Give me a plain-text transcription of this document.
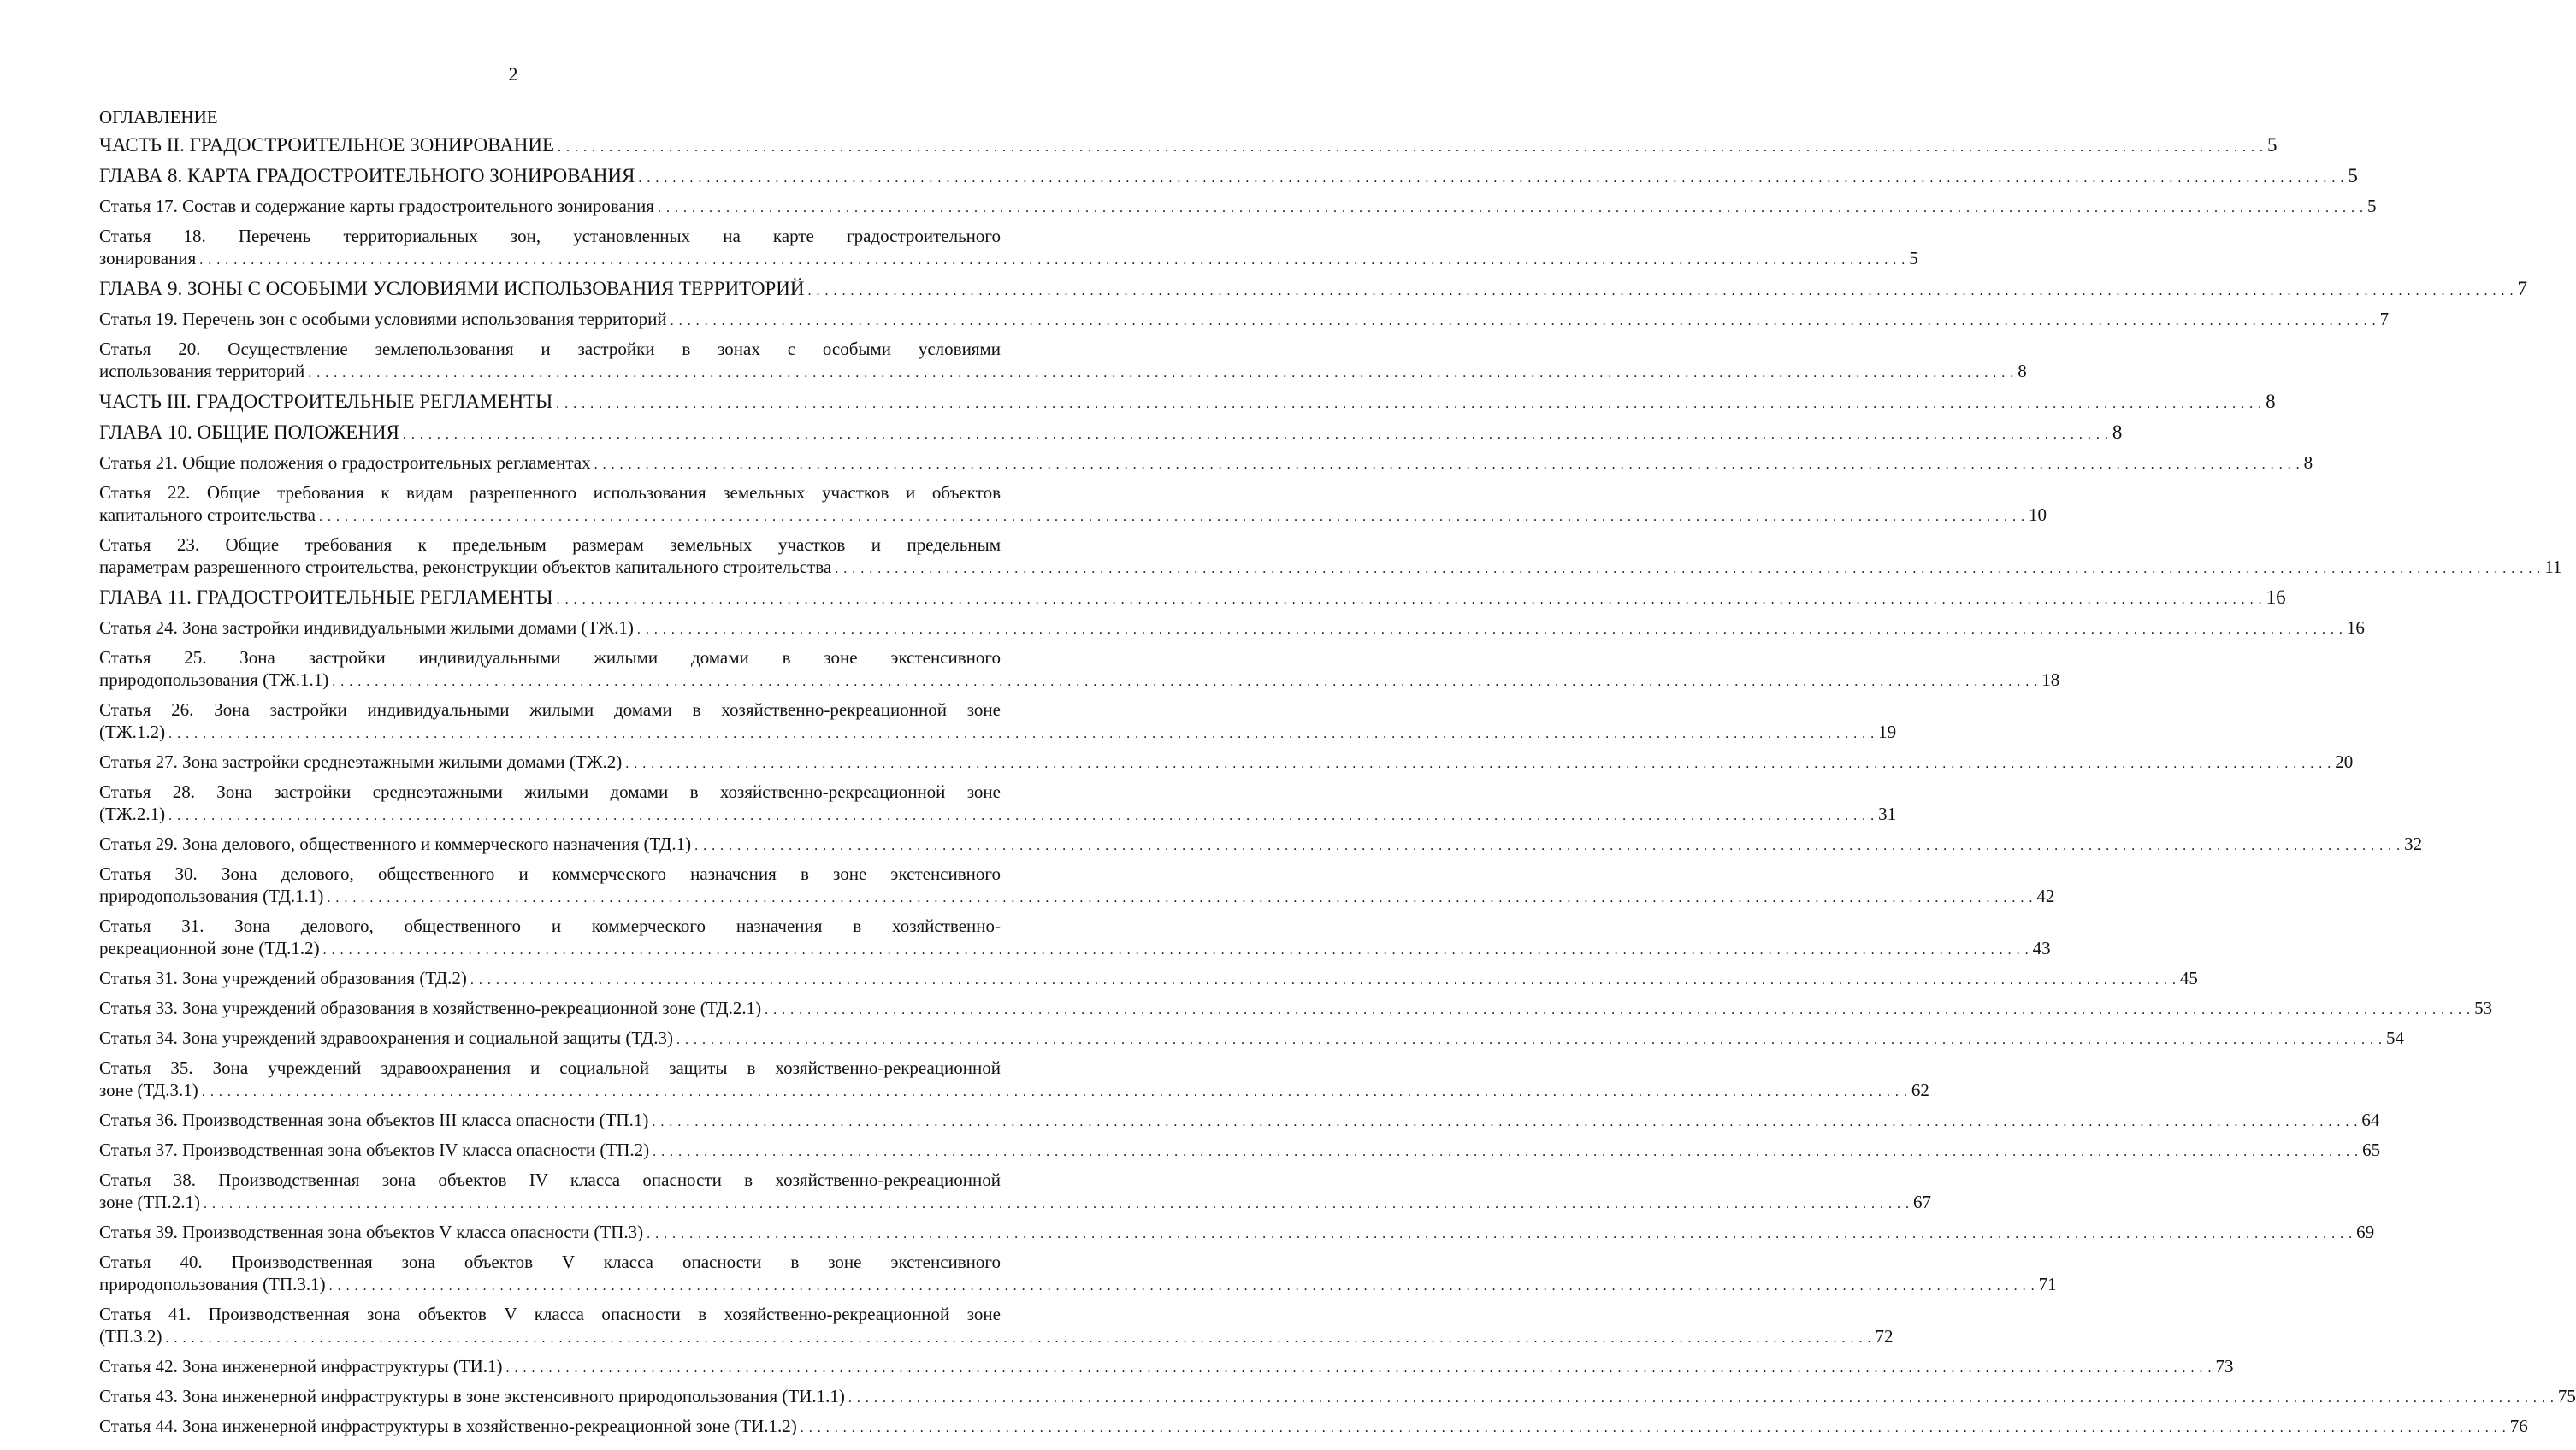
2
ОГЛАВЛЕНИЕ
ЧАСТЬ II. ГРАДОСТРОИТЕЛЬНОЕ ЗОНИРОВАНИЕ . . . . . . . . . . . . . . . . . . . . . . . . . . . . . . . . . . . . . . . . . . . . . . . . . . . . . . . . . . . . . . . . . . . . . . . . . . . . . . . . . . . . . . . . . . . . . . . . . . . . . . . . . . . . . . . . . . . . . . . . . . . . . . . . . . . . . . . . . . . . . . . . . . . . . . . . . . . . . . . . . . . . . . . . . . . . . . . . . . . . . . . . . . . . . . . . . . . . . . . . 5
ГЛАВА 8. КАРТА ГРАДОСТРОИТЕЛЬНОГО ЗОНИРОВАНИЯ . . . . . . . . . . . . . . . . . . . . . . . . . . . . . . . . . . . . . . . . . . . . . . . . . . . . . . . . . . . . . . . . . . . . . . . . . . . . . . . . . . . . . . . . . . . . . . . . . . . . . . . . . . . . . . . . . . . . . . . . . . . . . . . . . . . . . . . . . . . . . . . . . . . . . . . . . . . . . . . . . . . . . . . . . . . . . . . . . . . . . . . . . . . . . . . . . . . . . . . . 5
Статья 17. Состав и содержание карты градостроительного зонирования . . . . . . . . . . . . . . . . . . . . . . . . . . . . . . . . . . . . . . . . . . . . . . . . . . . . . . . . . . . . . . . . . . . . . . . . . . . . . . . . . . . . . . . . . . . . . . . . . . . . . . . . . . . . . . . . . . . . . . . . . . . . . . . . . . . . . . . . . . . . . . . . . . . . . . . . . . . . . . . . . . . . . . . . . . . . . . . . . . . . . . . . . . . . . . . . . . . . . . . . 5
Статья 18. Перечень территориальных зон, установленных на карте градостроительного
зонирования . . . . . . . . . . . . . . . . . . . . . . . . . . . . . . . . . . . . . . . . . . . . . . . . . . . . . . . . . . . . . . . . . . . . . . . . . . . . . . . . . . . . . . . . . . . . . . . . . . . . . . . . . . . . . . . . . . . . . . . . . . . . . . . . . . . . . . . . . . . . . . . . . . . . . . . . . . . . . . . . . . . . . . . . . . . . . . . . . . . . . . . . . . . . . . . . . . . . . . . . 5
ГЛАВА 9. ЗОНЫ С ОСОБЫМИ УСЛОВИЯМИ ИСПОЛЬЗОВАНИЯ ТЕРРИТОРИЙ . . . . . . . . . . . . . . . . . . . . . . . . . . . . . . . . . . . . . . . . . . . . . . . . . . . . . . . . . . . . . . . . . . . . . . . . . . . . . . . . . . . . . . . . . . . . . . . . . . . . . . . . . . . . . . . . . . . . . . . . . . . . . . . . . . . . . . . . . . . . . . . . . . . . . . . . . . . . . . . . . . . . . . . . . . . . . . . . . . . . . . . . . . . . . . . . . . . . . . . . 7
Статья 19. Перечень зон с особыми условиями использования территорий . . . . . . . . . . . . . . . . . . . . . . . . . . . . . . . . . . . . . . . . . . . . . . . . . . . . . . . . . . . . . . . . . . . . . . . . . . . . . . . . . . . . . . . . . . . . . . . . . . . . . . . . . . . . . . . . . . . . . . . . . . . . . . . . . . . . . . . . . . . . . . . . . . . . . . . . . . . . . . . . . . . . . . . . . . . . . . . . . . . . . . . . . . . . . . . . . . . . . . . . 7
Статья 20. Осуществление землепользования и застройки в зонах с особыми условиями
использования территорий . . . . . . . . . . . . . . . . . . . . . . . . . . . . . . . . . . . . . . . . . . . . . . . . . . . . . . . . . . . . . . . . . . . . . . . . . . . . . . . . . . . . . . . . . . . . . . . . . . . . . . . . . . . . . . . . . . . . . . . . . . . . . . . . . . . . . . . . . . . . . . . . . . . . . . . . . . . . . . . . . . . . . . . . . . . . . . . . . . . . . . . . . . . . . . . . . . . . . . . . 8
ЧАСТЬ III. ГРАДОСТРОИТЕЛЬНЫЕ РЕГЛАМЕНТЫ . . . . . . . . . . . . . . . . . . . . . . . . . . . . . . . . . . . . . . . . . . . . . . . . . . . . . . . . . . . . . . . . . . . . . . . . . . . . . . . . . . . . . . . . . . . . . . . . . . . . . . . . . . . . . . . . . . . . . . . . . . . . . . . . . . . . . . . . . . . . . . . . . . . . . . . . . . . . . . . . . . . . . . . . . . . . . . . . . . . . . . . . . . . . . . . . . . . . . . . . 8
ГЛАВА 10. ОБЩИЕ ПОЛОЖЕНИЯ . . . . . . . . . . . . . . . . . . . . . . . . . . . . . . . . . . . . . . . . . . . . . . . . . . . . . . . . . . . . . . . . . . . . . . . . . . . . . . . . . . . . . . . . . . . . . . . . . . . . . . . . . . . . . . . . . . . . . . . . . . . . . . . . . . . . . . . . . . . . . . . . . . . . . . . . . . . . . . . . . . . . . . . . . . . . . . . . . . . . . . . . . . . . . . . . . . . . . . . . 8
Статья 21. Общие положения о градостроительных регламентах . . . . . . . . . . . . . . . . . . . . . . . . . . . . . . . . . . . . . . . . . . . . . . . . . . . . . . . . . . . . . . . . . . . . . . . . . . . . . . . . . . . . . . . . . . . . . . . . . . . . . . . . . . . . . . . . . . . . . . . . . . . . . . . . . . . . . . . . . . . . . . . . . . . . . . . . . . . . . . . . . . . . . . . . . . . . . . . . . . . . . . . . . . . . . . . . . . . . . . . . 8
Статья 22. Общие требования к видам разрешенного использования земельных участков и объектов
капитального строительства . . . . . . . . . . . . . . . . . . . . . . . . . . . . . . . . . . . . . . . . . . . . . . . . . . . . . . . . . . . . . . . . . . . . . . . . . . . . . . . . . . . . . . . . . . . . . . . . . . . . . . . . . . . . . . . . . . . . . . . . . . . . . . . . . . . . . . . . . . . . . . . . . . . . . . . . . . . . . . . . . . . . . . . . . . . . . . . . . . . . . . . . . . . . . . . . . . . . . . . . 10
Статья 23. Общие требования к предельным размерам земельных участков и предельным
параметрам разрешенного строительства, реконструкции объектов капитального строительства . . . . . . . . . . . . . . . . . . . . . . . . . . . . . . . . . . . . . . . . . . . . . . . . . . . . . . . . . . . . . . . . . . . . . . . . . . . . . . . . . . . . . . . . . . . . . . . . . . . . . . . . . . . . . . . . . . . . . . . . . . . . . . . . . . . . . . . . . . . . . . . . . . . . . . . . . . . . . . . . . . . . . . . . . . . . . . . . . . . . . . . . . . . . . . . . . . . . . . . . 11
ГЛАВА 11. ГРАДОСТРОИТЕЛЬНЫЕ РЕГЛАМЕНТЫ . . . . . . . . . . . . . . . . . . . . . . . . . . . . . . . . . . . . . . . . . . . . . . . . . . . . . . . . . . . . . . . . . . . . . . . . . . . . . . . . . . . . . . . . . . . . . . . . . . . . . . . . . . . . . . . . . . . . . . . . . . . . . . . . . . . . . . . . . . . . . . . . . . . . . . . . . . . . . . . . . . . . . . . . . . . . . . . . . . . . . . . . . . . . . . . . . . . . . . . . 16
Статья 24. Зона застройки индивидуальными жилыми домами (ТЖ.1) . . . . . . . . . . . . . . . . . . . . . . . . . . . . . . . . . . . . . . . . . . . . . . . . . . . . . . . . . . . . . . . . . . . . . . . . . . . . . . . . . . . . . . . . . . . . . . . . . . . . . . . . . . . . . . . . . . . . . . . . . . . . . . . . . . . . . . . . . . . . . . . . . . . . . . . . . . . . . . . . . . . . . . . . . . . . . . . . . . . . . . . . . . . . . . . . . . . . . . . . 16
Статья 25. Зона застройки индивидуальными жилыми домами в зоне экстенсивного
природопользования (ТЖ.1.1) . . . . . . . . . . . . . . . . . . . . . . . . . . . . . . . . . . . . . . . . . . . . . . . . . . . . . . . . . . . . . . . . . . . . . . . . . . . . . . . . . . . . . . . . . . . . . . . . . . . . . . . . . . . . . . . . . . . . . . . . . . . . . . . . . . . . . . . . . . . . . . . . . . . . . . . . . . . . . . . . . . . . . . . . . . . . . . . . . . . . . . . . . . . . . . . . . . . . . . . . 18
Статья 26. Зона застройки индивидуальными жилыми домами в хозяйственно-рекреационной зоне
(ТЖ.1.2) . . . . . . . . . . . . . . . . . . . . . . . . . . . . . . . . . . . . . . . . . . . . . . . . . . . . . . . . . . . . . . . . . . . . . . . . . . . . . . . . . . . . . . . . . . . . . . . . . . . . . . . . . . . . . . . . . . . . . . . . . . . . . . . . . . . . . . . . . . . . . . . . . . . . . . . . . . . . . . . . . . . . . . . . . . . . . . . . . . . . . . . . . . . . . . . . . . . . . . . . 19
Статья 27. Зона застройки среднеэтажными жилыми домами (ТЖ.2) . . . . . . . . . . . . . . . . . . . . . . . . . . . . . . . . . . . . . . . . . . . . . . . . . . . . . . . . . . . . . . . . . . . . . . . . . . . . . . . . . . . . . . . . . . . . . . . . . . . . . . . . . . . . . . . . . . . . . . . . . . . . . . . . . . . . . . . . . . . . . . . . . . . . . . . . . . . . . . . . . . . . . . . . . . . . . . . . . . . . . . . . . . . . . . . . . . . . . . . . 20
Статья 28. Зона застройки среднеэтажными жилыми домами в хозяйственно-рекреационной зоне
(ТЖ.2.1) . . . . . . . . . . . . . . . . . . . . . . . . . . . . . . . . . . . . . . . . . . . . . . . . . . . . . . . . . . . . . . . . . . . . . . . . . . . . . . . . . . . . . . . . . . . . . . . . . . . . . . . . . . . . . . . . . . . . . . . . . . . . . . . . . . . . . . . . . . . . . . . . . . . . . . . . . . . . . . . . . . . . . . . . . . . . . . . . . . . . . . . . . . . . . . . . . . . . . . . . 31
Статья 29. Зона делового, общественного и коммерческого назначения (ТД.1) . . . . . . . . . . . . . . . . . . . . . . . . . . . . . . . . . . . . . . . . . . . . . . . . . . . . . . . . . . . . . . . . . . . . . . . . . . . . . . . . . . . . . . . . . . . . . . . . . . . . . . . . . . . . . . . . . . . . . . . . . . . . . . . . . . . . . . . . . . . . . . . . . . . . . . . . . . . . . . . . . . . . . . . . . . . . . . . . . . . . . . . . . . . . . . . . . . . . . . . . 32
Статья 30. Зона делового, общественного и коммерческого назначения в зоне экстенсивного
природопользования (ТД.1.1) . . . . . . . . . . . . . . . . . . . . . . . . . . . . . . . . . . . . . . . . . . . . . . . . . . . . . . . . . . . . . . . . . . . . . . . . . . . . . . . . . . . . . . . . . . . . . . . . . . . . . . . . . . . . . . . . . . . . . . . . . . . . . . . . . . . . . . . . . . . . . . . . . . . . . . . . . . . . . . . . . . . . . . . . . . . . . . . . . . . . . . . . . . . . . . . . . . . . . . . . 42
Статья 31. Зона делового, общественного и коммерческого назначения в хозяйственно-
рекреационной зоне (ТД.1.2) . . . . . . . . . . . . . . . . . . . . . . . . . . . . . . . . . . . . . . . . . . . . . . . . . . . . . . . . . . . . . . . . . . . . . . . . . . . . . . . . . . . . . . . . . . . . . . . . . . . . . . . . . . . . . . . . . . . . . . . . . . . . . . . . . . . . . . . . . . . . . . . . . . . . . . . . . . . . . . . . . . . . . . . . . . . . . . . . . . . . . . . . . . . . . . . . . . . . . . . . 43
Статья 31. Зона учреждений образования (ТД.2) . . . . . . . . . . . . . . . . . . . . . . . . . . . . . . . . . . . . . . . . . . . . . . . . . . . . . . . . . . . . . . . . . . . . . . . . . . . . . . . . . . . . . . . . . . . . . . . . . . . . . . . . . . . . . . . . . . . . . . . . . . . . . . . . . . . . . . . . . . . . . . . . . . . . . . . . . . . . . . . . . . . . . . . . . . . . . . . . . . . . . . . . . . . . . . . . . . . . . . . . 45
Статья 33. Зона учреждений образования в хозяйственно-рекреационной зоне (ТД.2.1) . . . . . . . . . . . . . . . . . . . . . . . . . . . . . . . . . . . . . . . . . . . . . . . . . . . . . . . . . . . . . . . . . . . . . . . . . . . . . . . . . . . . . . . . . . . . . . . . . . . . . . . . . . . . . . . . . . . . . . . . . . . . . . . . . . . . . . . . . . . . . . . . . . . . . . . . . . . . . . . . . . . . . . . . . . . . . . . . . . . . . . . . . . . . . . . . . . . . . . . . 53
Статья 34. Зона учреждений здравоохранения и социальной защиты (ТД.3) . . . . . . . . . . . . . . . . . . . . . . . . . . . . . . . . . . . . . . . . . . . . . . . . . . . . . . . . . . . . . . . . . . . . . . . . . . . . . . . . . . . . . . . . . . . . . . . . . . . . . . . . . . . . . . . . . . . . . . . . . . . . . . . . . . . . . . . . . . . . . . . . . . . . . . . . . . . . . . . . . . . . . . . . . . . . . . . . . . . . . . . . . . . . . . . . . . . . . . . . 54
Статья 35. Зона учреждений здравоохранения и социальной защиты в хозяйственно-рекреационной
зоне (ТД.3.1) . . . . . . . . . . . . . . . . . . . . . . . . . . . . . . . . . . . . . . . . . . . . . . . . . . . . . . . . . . . . . . . . . . . . . . . . . . . . . . . . . . . . . . . . . . . . . . . . . . . . . . . . . . . . . . . . . . . . . . . . . . . . . . . . . . . . . . . . . . . . . . . . . . . . . . . . . . . . . . . . . . . . . . . . . . . . . . . . . . . . . . . . . . . . . . . . . . . . . . . . 62
Статья 36. Производственная зона объектов III класса опасности (ТП.1) . . . . . . . . . . . . . . . . . . . . . . . . . . . . . . . . . . . . . . . . . . . . . . . . . . . . . . . . . . . . . . . . . . . . . . . . . . . . . . . . . . . . . . . . . . . . . . . . . . . . . . . . . . . . . . . . . . . . . . . . . . . . . . . . . . . . . . . . . . . . . . . . . . . . . . . . . . . . . . . . . . . . . . . . . . . . . . . . . . . . . . . . . . . . . . . . . . . . . . . . 64
Статья 37. Производственная зона объектов IV класса опасности (ТП.2) . . . . . . . . . . . . . . . . . . . . . . . . . . . . . . . . . . . . . . . . . . . . . . . . . . . . . . . . . . . . . . . . . . . . . . . . . . . . . . . . . . . . . . . . . . . . . . . . . . . . . . . . . . . . . . . . . . . . . . . . . . . . . . . . . . . . . . . . . . . . . . . . . . . . . . . . . . . . . . . . . . . . . . . . . . . . . . . . . . . . . . . . . . . . . . . . . . . . . . . . 65
Статья 38. Производственная зона объектов IV класса опасности в хозяйственно-рекреационной
зоне (ТП.2.1) . . . . . . . . . . . . . . . . . . . . . . . . . . . . . . . . . . . . . . . . . . . . . . . . . . . . . . . . . . . . . . . . . . . . . . . . . . . . . . . . . . . . . . . . . . . . . . . . . . . . . . . . . . . . . . . . . . . . . . . . . . . . . . . . . . . . . . . . . . . . . . . . . . . . . . . . . . . . . . . . . . . . . . . . . . . . . . . . . . . . . . . . . . . . . . . . . . . . . . . . 67
Статья 39. Производственная зона объектов V класса опасности (ТП.3) . . . . . . . . . . . . . . . . . . . . . . . . . . . . . . . . . . . . . . . . . . . . . . . . . . . . . . . . . . . . . . . . . . . . . . . . . . . . . . . . . . . . . . . . . . . . . . . . . . . . . . . . . . . . . . . . . . . . . . . . . . . . . . . . . . . . . . . . . . . . . . . . . . . . . . . . . . . . . . . . . . . . . . . . . . . . . . . . . . . . . . . . . . . . . . . . . . . . . . . . 69
Статья 40. Производственная зона объектов V класса опасности в зоне экстенсивного
природопользования (ТП.3.1) . . . . . . . . . . . . . . . . . . . . . . . . . . . . . . . . . . . . . . . . . . . . . . . . . . . . . . . . . . . . . . . . . . . . . . . . . . . . . . . . . . . . . . . . . . . . . . . . . . . . . . . . . . . . . . . . . . . . . . . . . . . . . . . . . . . . . . . . . . . . . . . . . . . . . . . . . . . . . . . . . . . . . . . . . . . . . . . . . . . . . . . . . . . . . . . . . . . . . . . . 71
Статья 41. Производственная зона объектов V класса опасности в хозяйственно-рекреационной зоне
(ТП.3.2) . . . . . . . . . . . . . . . . . . . . . . . . . . . . . . . . . . . . . . . . . . . . . . . . . . . . . . . . . . . . . . . . . . . . . . . . . . . . . . . . . . . . . . . . . . . . . . . . . . . . . . . . . . . . . . . . . . . . . . . . . . . . . . . . . . . . . . . . . . . . . . . . . . . . . . . . . . . . . . . . . . . . . . . . . . . . . . . . . . . . . . . . . . . . . . . . . . . . . . . . 72
Статья 42. Зона инженерной инфраструктуры (ТИ.1) . . . . . . . . . . . . . . . . . . . . . . . . . . . . . . . . . . . . . . . . . . . . . . . . . . . . . . . . . . . . . . . . . . . . . . . . . . . . . . . . . . . . . . . . . . . . . . . . . . . . . . . . . . . . . . . . . . . . . . . . . . . . . . . . . . . . . . . . . . . . . . . . . . . . . . . . . . . . . . . . . . . . . . . . . . . . . . . . . . . . . . . . . . . . . . . . . . . . . . . . 73
Статья 43. Зона инженерной инфраструктуры в зоне экстенсивного природопользования (ТИ.1.1) . . . . . . . . . . . . . . . . . . . . . . . . . . . . . . . . . . . . . . . . . . . . . . . . . . . . . . . . . . . . . . . . . . . . . . . . . . . . . . . . . . . . . . . . . . . . . . . . . . . . . . . . . . . . . . . . . . . . . . . . . . . . . . . . . . . . . . . . . . . . . . . . . . . . . . . . . . . . . . . . . . . . . . . . . . . . . . . . . . . . . . . . . . . . . . . . . . . . . . . . 75
Статья 44. Зона инженерной инфраструктуры в хозяйственно-рекреационной зоне (ТИ.1.2) . . . . . . . . . . . . . . . . . . . . . . . . . . . . . . . . . . . . . . . . . . . . . . . . . . . . . . . . . . . . . . . . . . . . . . . . . . . . . . . . . . . . . . . . . . . . . . . . . . . . . . . . . . . . . . . . . . . . . . . . . . . . . . . . . . . . . . . . . . . . . . . . . . . . . . . . . . . . . . . . . . . . . . . . . . . . . . . . . . . . . . . . . . . . . . . . . . . . . . . . 76
